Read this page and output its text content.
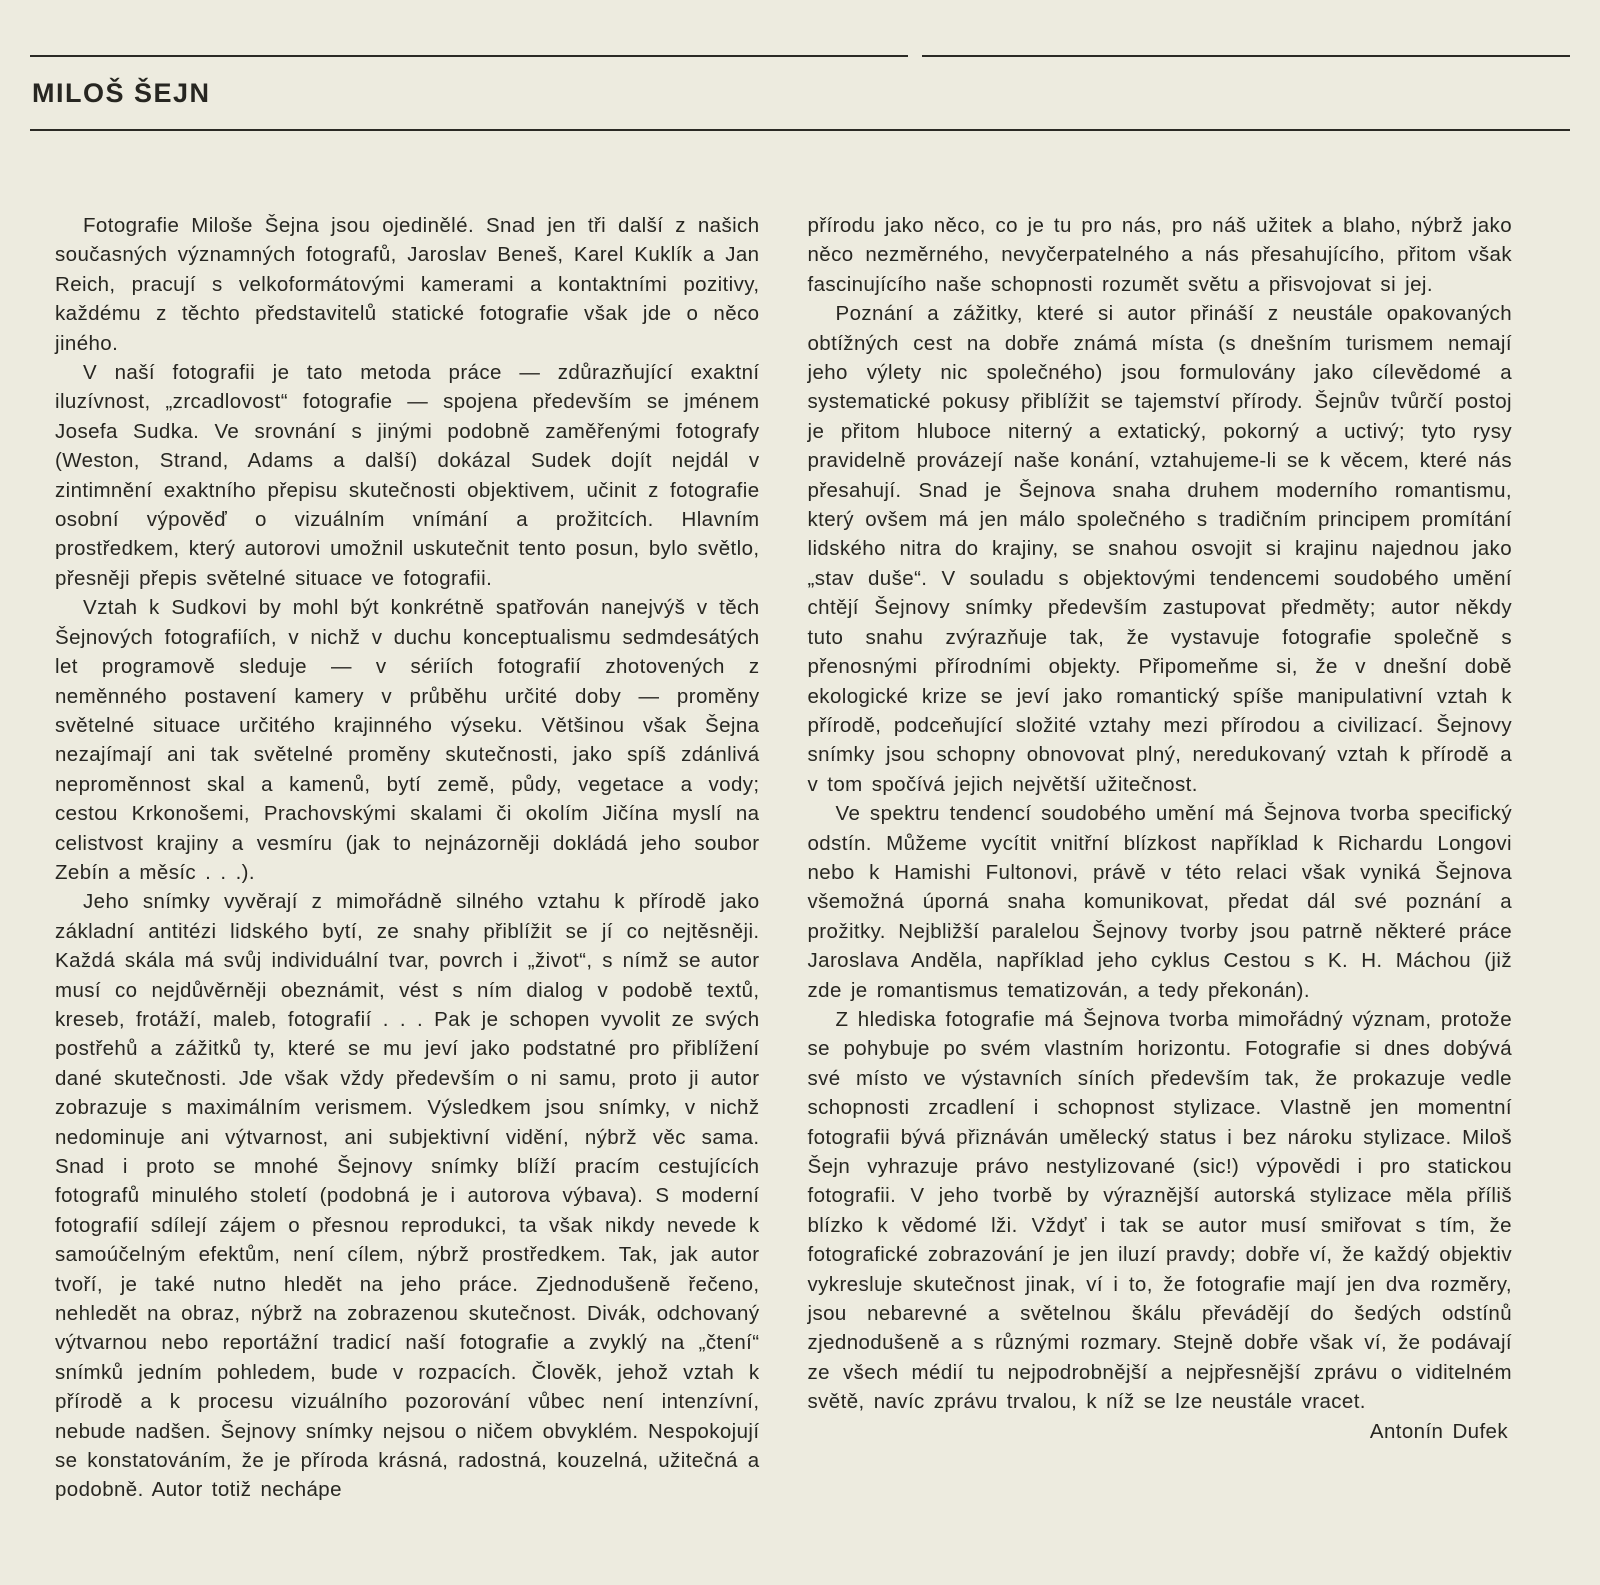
MILOŠ ŠEJN

Fotografie Miloše Šejna jsou ojedinělé. Snad jen tři další z našich současných významných fotografů, Jaroslav Beneš, Karel Kuklík a Jan Reich, pracují s velkoformátovými kamerami a kontaktními pozitivy, každému z těchto představitelů statické fotografie však jde o něco jiného.

V naší fotografii je tato metoda práce — zdůrazňující exaktní iluzívnost, „zrcadlovost“ fotografie — spojena především se jménem Josefa Sudka. Ve srovnání s jinými podobně zaměřenými fotografy (Weston, Strand, Adams a další) dokázal Sudek dojít nejdál v zintimnění exaktního přepisu skutečnosti objektivem, učinit z fotografie osobní výpověď o vizuálním vnímání a prožitcích. Hlavním prostředkem, který autorovi umožnil uskutečnit tento posun, bylo světlo, přesněji přepis světelné situace ve fotografii.

Vztah k Sudkovi by mohl být konkrétně spatřován nanejvýš v těch Šejnových fotografiích, v nichž v duchu konceptualismu sedmdesátých let programově sleduje — v sériích fotografií zhotovených z neměnného postavení kamery v průběhu určité doby — proměny světelné situace určitého krajinného výseku. Většinou však Šejna nezajímají ani tak světelné proměny skutečnosti, jako spíš zdánlivá neproměnnost skal a kamenů, bytí země, půdy, vegetace a vody; cestou Krkonošemi, Prachovskými skalami či okolím Jičína myslí na celistvost krajiny a vesmíru (jak to nejnázorněji dokládá jeho soubor Zebín a měsíc . . .).

Jeho snímky vyvěrají z mimořádně silného vztahu k přírodě jako základní antitézi lidského bytí, ze snahy přiblížit se jí co nejtěsněji. Každá skála má svůj individuální tvar, povrch i „život“, s nímž se autor musí co nejdůvěrněji obeznámit, vést s ním dialog v podobě textů, kreseb, frotáží, maleb, fotografií . . . Pak je schopen vyvolit ze svých postřehů a zážitků ty, které se mu jeví jako podstatné pro přiblížení dané skutečnosti. Jde však vždy především o ni samu, proto ji autor zobrazuje s maximálním verismem. Výsledkem jsou snímky, v nichž nedominuje ani výtvarnost, ani subjektivní vidění, nýbrž věc sama. Snad i proto se mnohé Šejnovy snímky blíží pracím cestujících fotografů minulého století (podobná je i autorova výbava). S moderní fotografií sdílejí zájem o přesnou reprodukci, ta však nikdy nevede k samoúčelným efektům, není cílem, nýbrž prostředkem. Tak, jak autor tvoří, je také nutno hledět na jeho práce. Zjednodušeně řečeno, nehledět na obraz, nýbrž na zobrazenou skutečnost. Divák, odchovaný výtvarnou nebo reportážní tradicí naší fotografie a zvyklý na „čtení“ snímků jedním pohledem, bude v rozpacích. Člověk, jehož vztah k přírodě a k procesu vizuálního pozorování vůbec není intenzívní, nebude nadšen. Šejnovy snímky nejsou o ničem obvyklém. Nespokojují se konstatováním, že je příroda krásná, radostná, kouzelná, užitečná a podobně. Autor totiž nechápe

přírodu jako něco, co je tu pro nás, pro náš užitek a blaho, nýbrž jako něco nezměrného, nevyčerpatelného a nás přesahujícího, přitom však fascinujícího naše schopnosti rozumět světu a přisvojovat si jej.

Poznání a zážitky, které si autor přináší z neustále opakovaných obtížných cest na dobře známá místa (s dnešním turismem nemají jeho výlety nic společného) jsou formulovány jako cílevědomé a systematické pokusy přiblížit se tajemství přírody. Šejnův tvůrčí postoj je přitom hluboce niterný a extatický, pokorný a uctivý; tyto rysy pravidelně provázejí naše konání, vztahujeme-li se k věcem, které nás přesahují. Snad je Šejnova snaha druhem moderního romantismu, který ovšem má jen málo společného s tradičním principem promítání lidského nitra do krajiny, se snahou osvojit si krajinu najednou jako „stav duše“. V souladu s objektovými tendencemi soudobého umění chtějí Šejnovy snímky především zastupovat předměty; autor někdy tuto snahu zvýrazňuje tak, že vystavuje fotografie společně s přenosnými přírodními objekty. Připomeňme si, že v dnešní době ekologické krize se jeví jako romantický spíše manipulativní vztah k přírodě, podceňující složité vztahy mezi přírodou a civilizací. Šejnovy snímky jsou schopny obnovovat plný, neredukovaný vztah k přírodě a v tom spočívá jejich největší užitečnost.

Ve spektru tendencí soudobého umění má Šejnova tvorba specifický odstín. Můžeme vycítit vnitřní blízkost například k Richardu Longovi nebo k Hamishi Fultonovi, právě v této relaci však vyniká Šejnova všemožná úporná snaha komunikovat, předat dál své poznání a prožitky. Nejbližší paralelou Šejnovy tvorby jsou patrně některé práce Jaroslava Anděla, například jeho cyklus Cestou s K. H. Máchou (již zde je romantismus tematizován, a tedy překonán).

Z hlediska fotografie má Šejnova tvorba mimořádný význam, protože se pohybuje po svém vlastním horizontu. Fotografie si dnes dobývá své místo ve výstavních síních především tak, že prokazuje vedle schopnosti zrcadlení i schopnost stylizace. Vlastně jen momentní fotografii bývá přiznáván umělecký status i bez nároku stylizace. Miloš Šejn vyhrazuje právo nestylizované (sic!) výpovědi i pro statickou fotografii. V jeho tvorbě by výraznější autorská stylizace měla příliš blízko k vědomé lži. Vždyť i tak se autor musí smiřovat s tím, že fotografické zobrazování je jen iluzí pravdy; dobře ví, že každý objektiv vykresluje skutečnost jinak, ví i to, že fotografie mají jen dva rozměry, jsou nebarevné a světelnou škálu převádějí do šedých odstínů zjednodušeně a s různými rozmary. Stejně dobře však ví, že podávají ze všech médií tu nejpodrobnější a nejpřesnější zprávu o viditelném světě, navíc zprávu trvalou, k níž se lze neustále vracet.

Antonín Dufek
